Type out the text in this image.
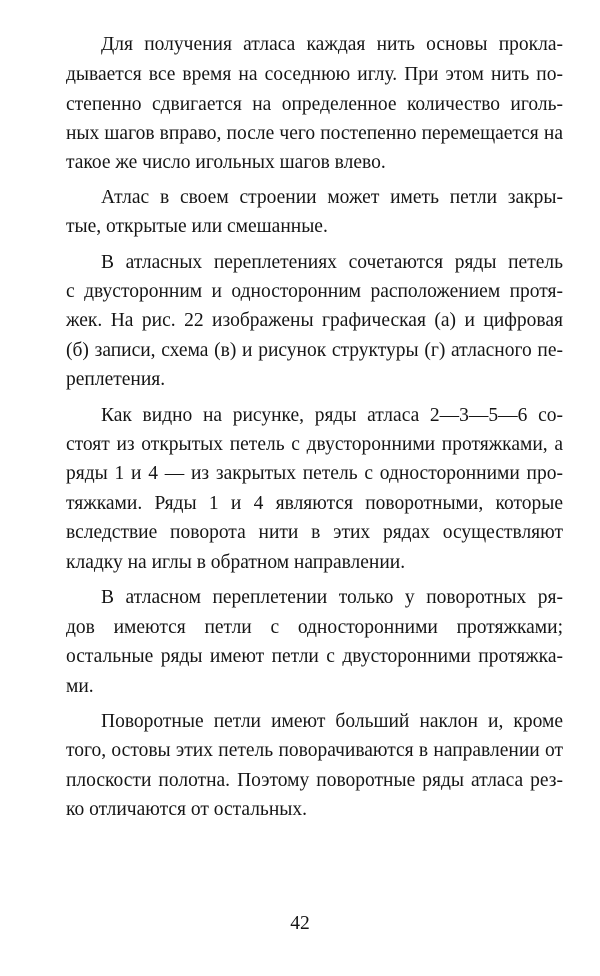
42
Для получения атласа каждая нить основы прокла-
дывается все время на соседнюю иглу. При этом нить по-
степенно сдвигается на определенное количество иголь-
ных шагов вправо, после чего постепенно перемещается на
такое же число игольных шагов влево.
Атлас в своем строении может иметь петли закры-
тые, открытые или смешанные.
В атласных переплетениях сочетаются ряды петель
с двусторонним и односторонним расположением протя-
жек. На рис. 22 изображены графическая (а) и цифровая
(б) записи, схема (в) и рисунок структуры (г) атласного пе-
реплетения.
Как видно на рисунке, ряды атласа 2—3—5—6 со-
стоят из открытых петель с двусторонними протяжками, а
ряды 1 и 4 — из закрытых петель с односторонними про-
тяжками. Ряды 1 и 4 являются поворотными, которые
вследствие поворота нити в этих рядах осуществляют
кладку на иглы в обратном направлении.
В атласном переплетении только у поворотных ря-
дов имеются петли с односторонними протяжками;
остальные ряды имеют петли с двусторонними протяжка-
ми.
Поворотные петли имеют больший наклон и, кроме
того, остовы этих петель поворачиваются в направлении от
плоскости полотна. Поэтому поворотные ряды атласа рез-
ко отличаются от остальных.
